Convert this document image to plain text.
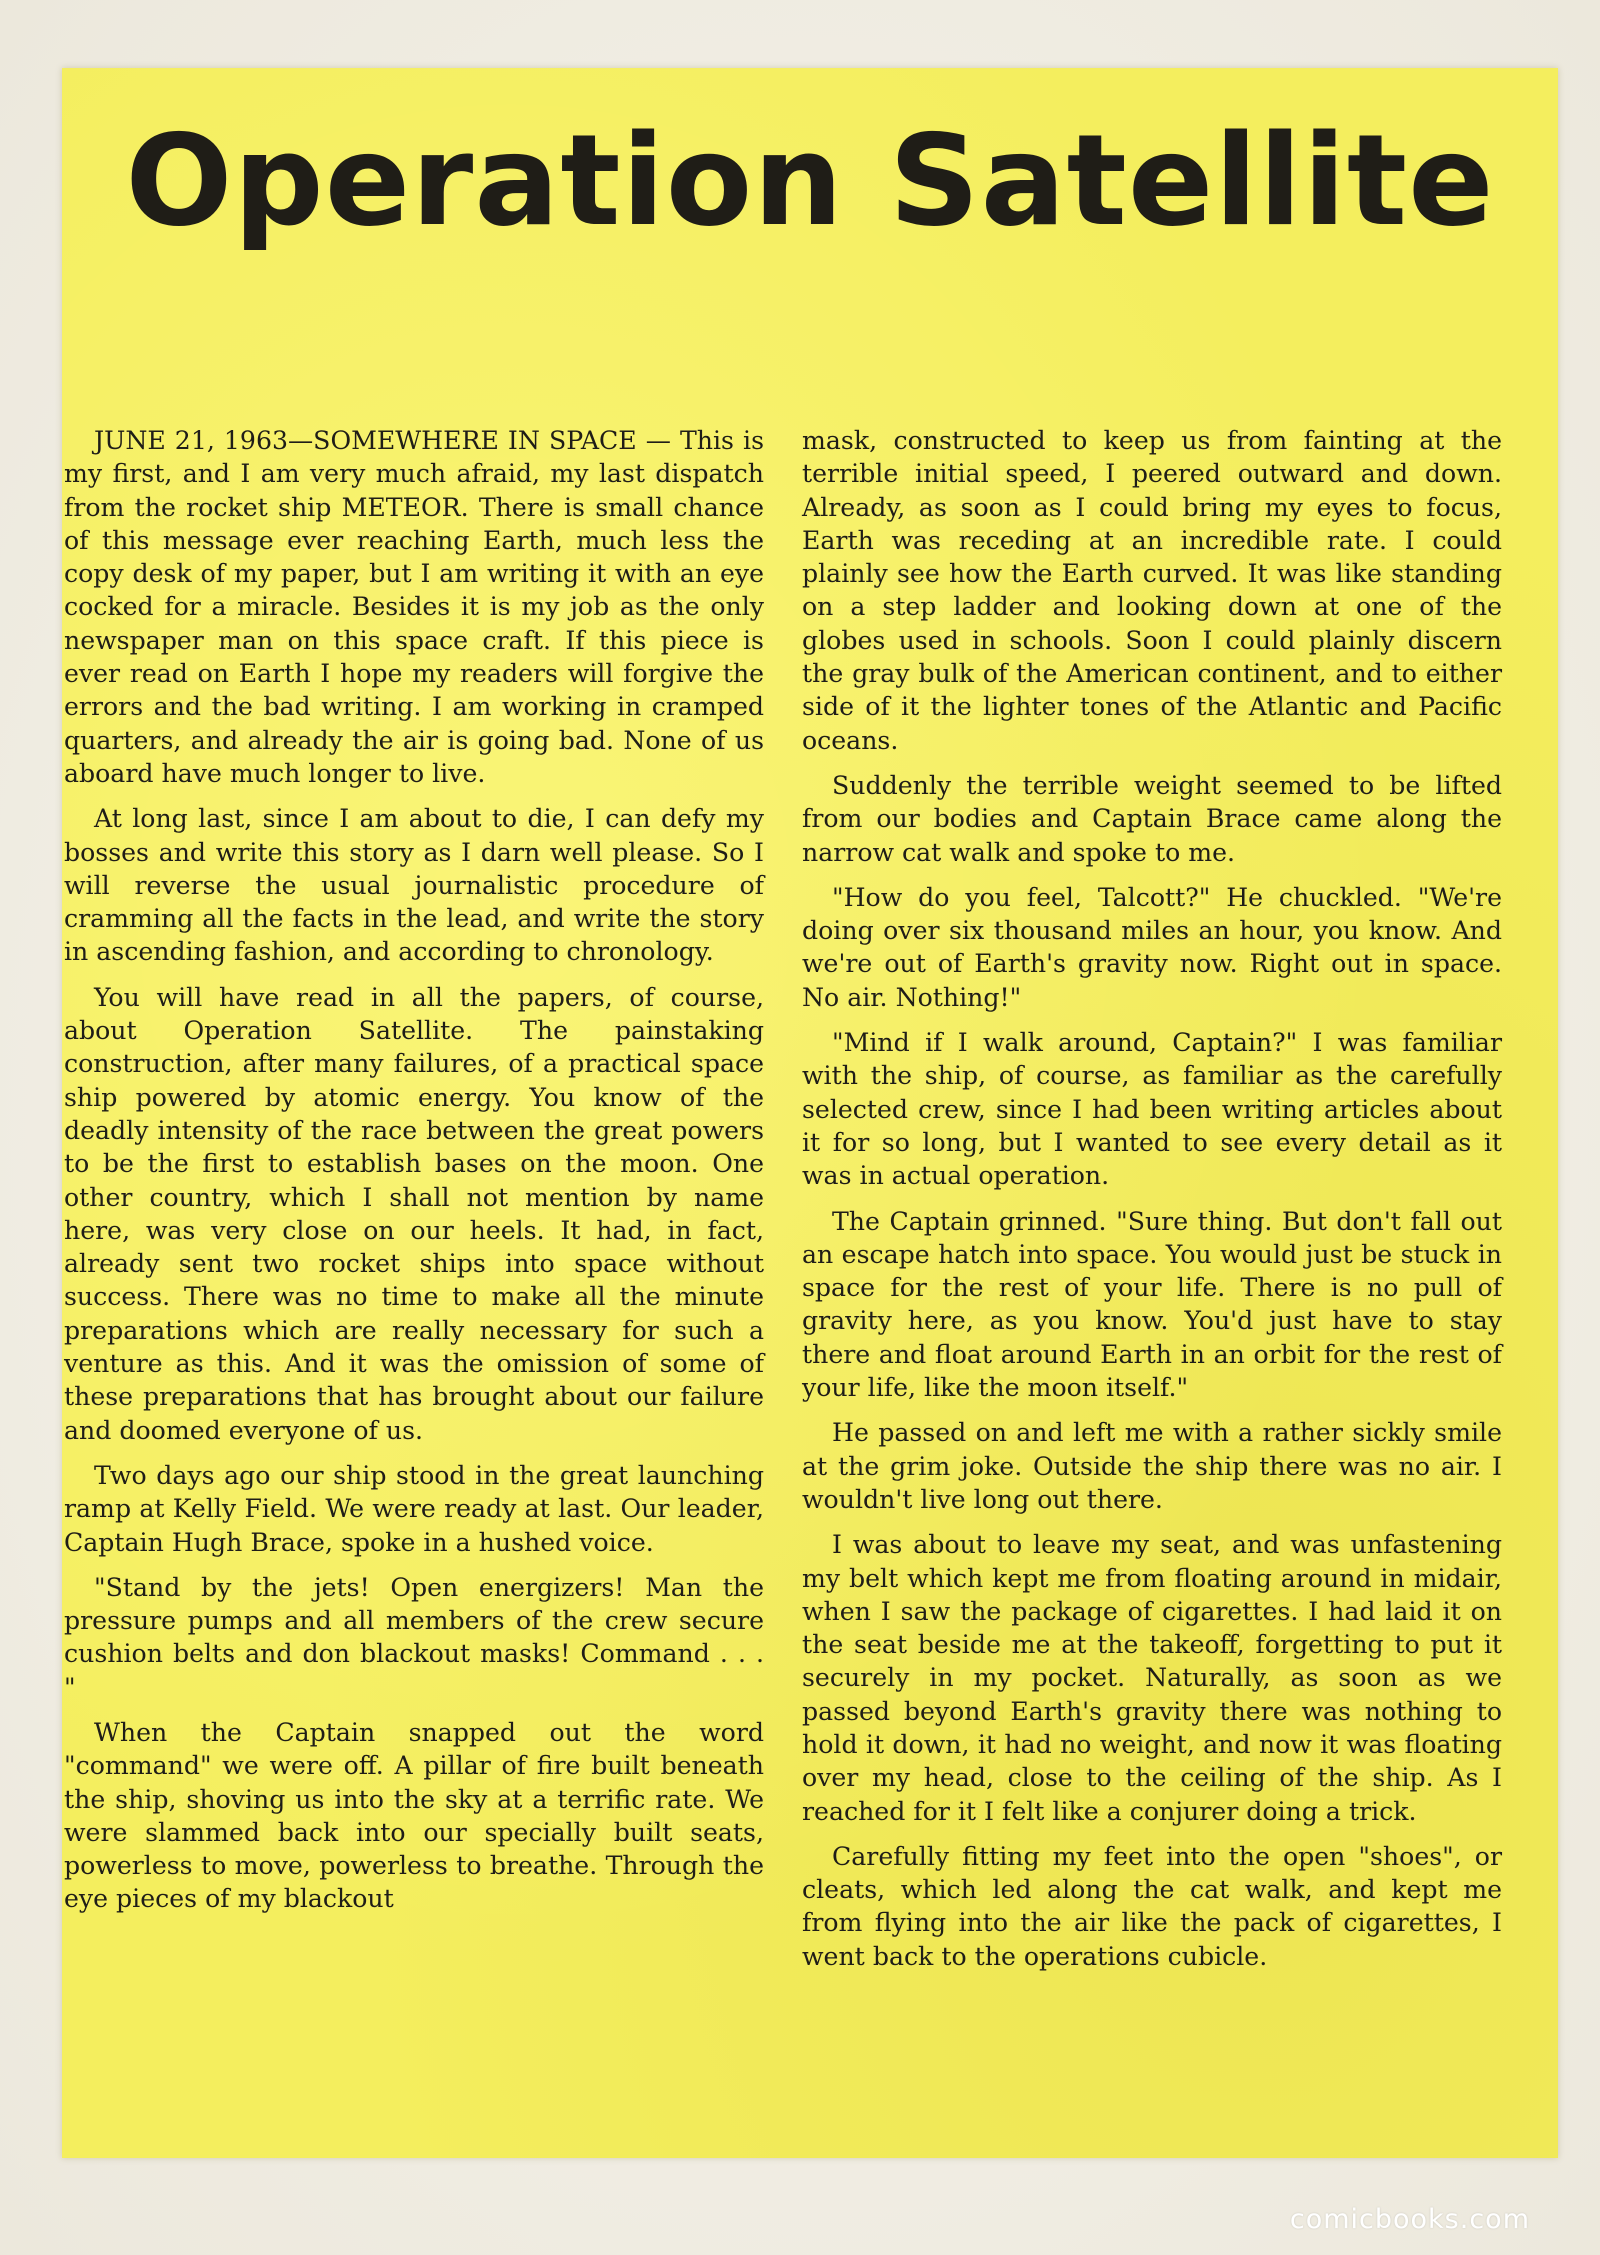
Operation Satellite

JUNE 21, 1963—SOMEWHERE IN SPACE — This is my first, and I am very much afraid, my last dispatch from the rocket ship METEOR. There is small chance of this message ever reaching Earth, much less the copy desk of my paper, but I am writing it with an eye cocked for a miracle. Besides it is my job as the only newspaper man on this space craft. If this piece is ever read on Earth I hope my readers will forgive the errors and the bad writing. I am working in cramped quarters, and already the air is going bad. None of us aboard have much longer to live.

At long last, since I am about to die, I can defy my bosses and write this story as I darn well please. So I will reverse the usual journalistic procedure of cramming all the facts in the lead, and write the story in ascending fashion, and according to chronology.

You will have read in all the papers, of course, about Operation Satellite. The painstaking construction, after many failures, of a practical space ship powered by atomic energy. You know of the deadly intensity of the race between the great powers to be the first to establish bases on the moon. One other country, which I shall not mention by name here, was very close on our heels. It had, in fact, already sent two rocket ships into space without success. There was no time to make all the minute preparations which are really necessary for such a venture as this. And it was the omission of some of these preparations that has brought about our failure and doomed everyone of us.

Two days ago our ship stood in the great launching ramp at Kelly Field. We were ready at last. Our leader, Captain Hugh Brace, spoke in a hushed voice.

"Stand by the jets! Open energizers! Man the pressure pumps and all members of the crew secure cushion belts and don blackout masks! Command . . . "

When the Captain snapped out the word "command" we were off. A pillar of fire built beneath the ship, shoving us into the sky at a terrific rate. We were slammed back into our specially built seats, powerless to move, powerless to breathe. Through the eye pieces of my blackout

mask, constructed to keep us from fainting at the terrible initial speed, I peered outward and down. Already, as soon as I could bring my eyes to focus, Earth was receding at an incredible rate. I could plainly see how the Earth curved. It was like standing on a step ladder and looking down at one of the globes used in schools. Soon I could plainly discern the gray bulk of the American continent, and to either side of it the lighter tones of the Atlantic and Pacific oceans.

Suddenly the terrible weight seemed to be lifted from our bodies and Captain Brace came along the narrow cat walk and spoke to me.

"How do you feel, Talcott?" He chuckled. "We're doing over six thousand miles an hour, you know. And we're out of Earth's gravity now. Right out in space. No air. Nothing!"

"Mind if I walk around, Captain?" I was familiar with the ship, of course, as familiar as the carefully selected crew, since I had been writing articles about it for so long, but I wanted to see every detail as it was in actual operation.

The Captain grinned. "Sure thing. But don't fall out an escape hatch into space. You would just be stuck in space for the rest of your life. There is no pull of gravity here, as you know. You'd just have to stay there and float around Earth in an orbit for the rest of your life, like the moon itself."

He passed on and left me with a rather sickly smile at the grim joke. Outside the ship there was no air. I wouldn't live long out there.

I was about to leave my seat, and was unfastening my belt which kept me from floating around in midair, when I saw the package of cigarettes. I had laid it on the seat beside me at the takeoff, forgetting to put it securely in my pocket. Naturally, as soon as we passed beyond Earth's gravity there was nothing to hold it down, it had no weight, and now it was floating over my head, close to the ceiling of the ship. As I reached for it I felt like a conjurer doing a trick.

Carefully fitting my feet into the open "shoes", or cleats, which led along the cat walk, and kept me from flying into the air like the pack of cigarettes, I went back to the operations cubicle.

comicbooks.com
